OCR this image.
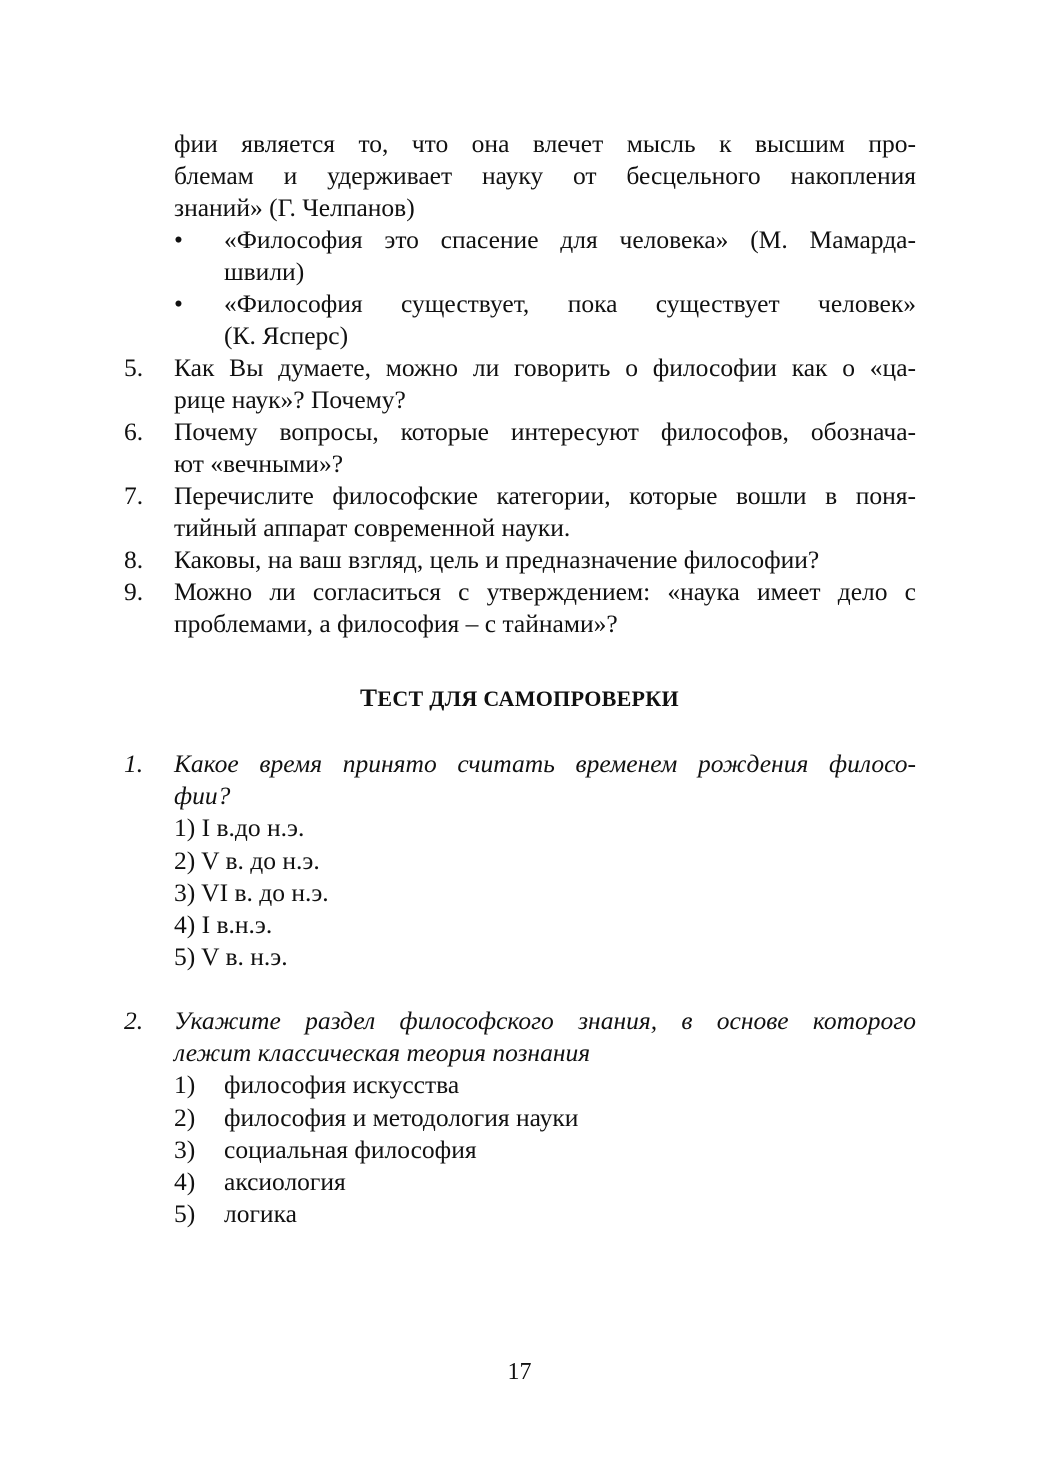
фии является то, что она влечет мысль к высшим про-
блемам и удерживает науку от бесцельного накопления
знаний» (Г. Челпанов)
•	«Философия это спасение для человека» (М. Мамарда-
швили)
•	«Философия существует, пока существует человек»
(К. Ясперс)
5.	Как Вы думаете, можно ли говорить о философии как о «ца-
рице наук»? Почему?
6.	Почему вопросы, которые интересуют философов, обознача-
ют «вечными»?
7.	Перечислите философские категории, которые вошли в поня-
тийный аппарат современной науки.
8.	Каковы, на ваш взгляд, цель и предназначение философии?
9.	Можно ли согласиться с утверждением: «наука имеет дело с
проблемами, а философия – с тайнами»?
ТЕСТ ДЛЯ САМОПРОВЕРКИ
1.	Какое время принято считать временем рождения филосо-
фии?
1) I в.до н.э.
2) V в. до н.э.
3) VI в. до н.э.
4) I в.н.э.
5) V в. н.э.
2.	Укажите раздел философского знания, в основе которого
лежит классическая теория познания
1) философия искусства
2) философия и методология науки
3) социальная философия
4) аксиология
5) логика
17
